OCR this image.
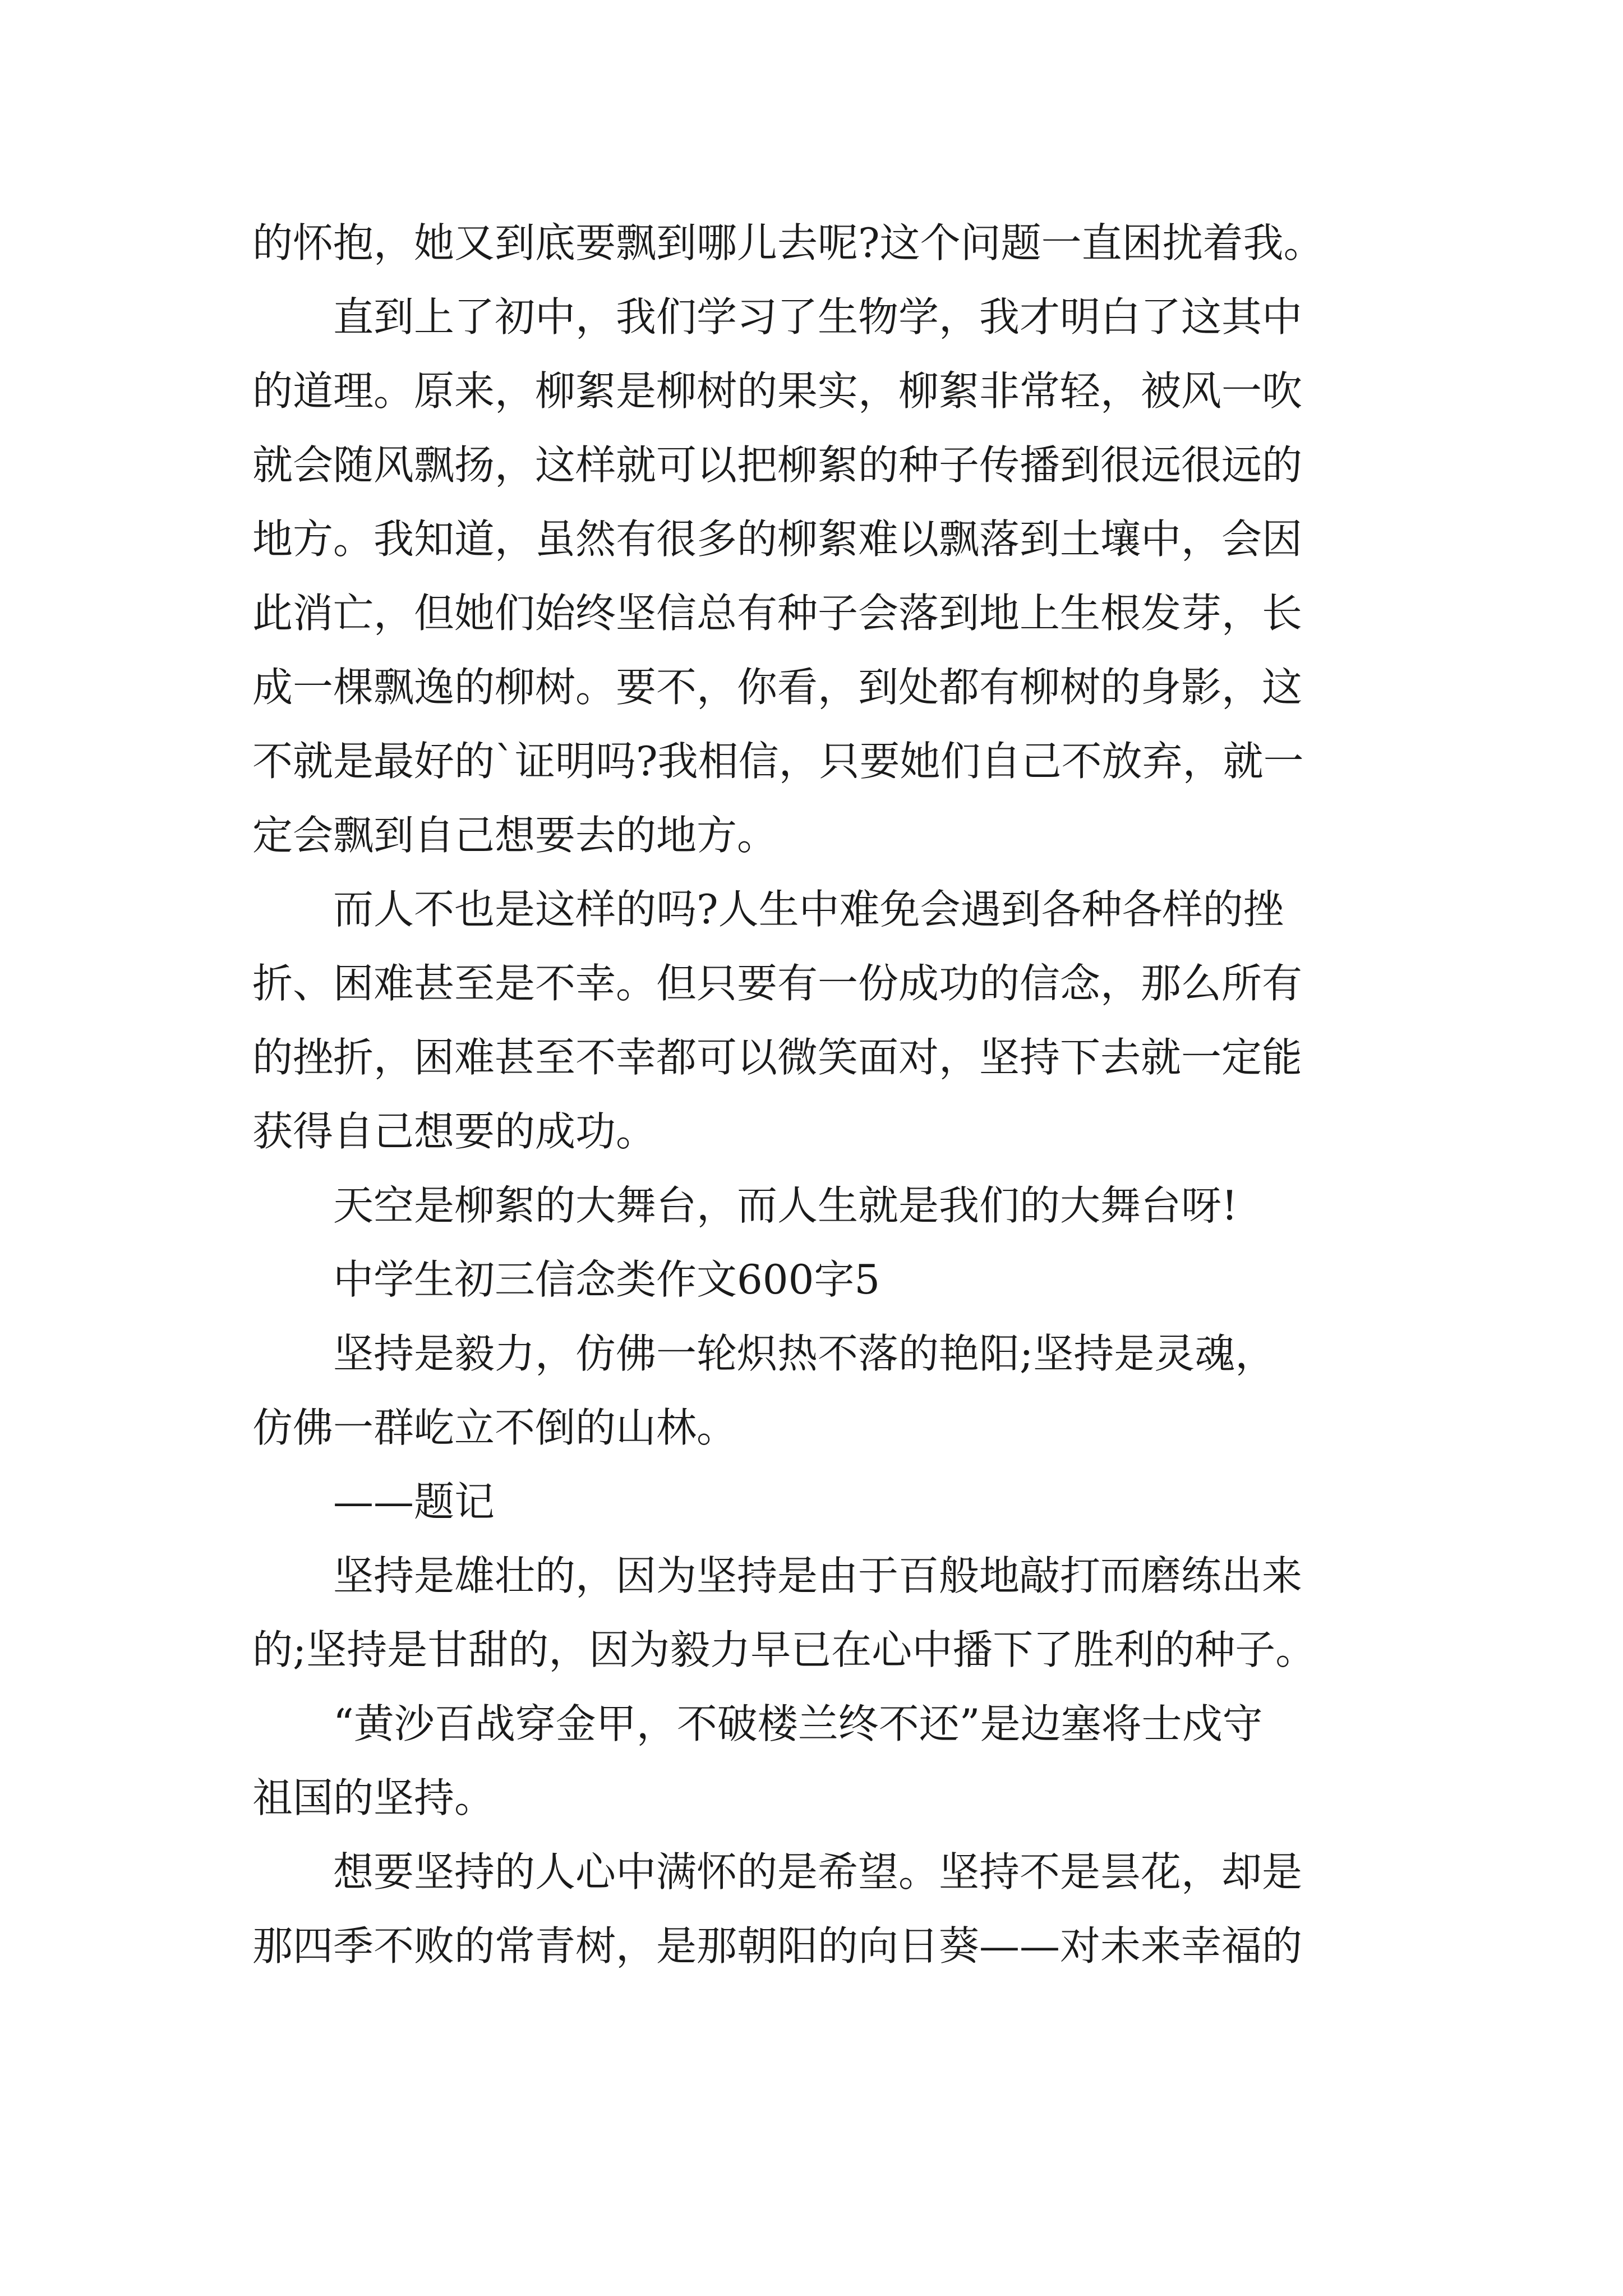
的怀抱，她又到底要飘到哪儿去呢?这个问题一直困扰着我。
直到上了初中，我们学习了生物学，我才明白了这其中
的道理。原来，柳絮是柳树的果实，柳絮非常轻，被风一吹
就会随风飘扬，这样就可以把柳絮的种子传播到很远很远的
地方。我知道，虽然有很多的柳絮难以飘落到土壤中，会因
此消亡，但她们始终坚信总有种子会落到地上生根发芽，长
成一棵飘逸的柳树。要不，你看，到处都有柳树的身影，这
不就是最好的`证明吗?我相信，只要她们自己不放弃，就一
定会飘到自己想要去的地方。
而人不也是这样的吗?人生中难免会遇到各种各样的挫
折、困难甚至是不幸。但只要有一份成功的信念，那么所有
的挫折，困难甚至不幸都可以微笑面对，坚持下去就一定能
获得自己想要的成功。
天空是柳絮的大舞台，而人生就是我们的大舞台呀!
中学生初三信念类作文600字5
坚持是毅力，仿佛一轮炽热不落的艳阳;坚持是灵魂，
仿佛一群屹立不倒的山林。
——题记
坚持是雄壮的，因为坚持是由于百般地敲打而磨练出来
的;坚持是甘甜的，因为毅力早已在心中播下了胜利的种子。
“黄沙百战穿金甲，不破楼兰终不还”是边塞将士戍守
祖国的坚持。
想要坚持的人心中满怀的是希望。坚持不是昙花，却是
那四季不败的常青树，是那朝阳的向日葵——对未来幸福的
